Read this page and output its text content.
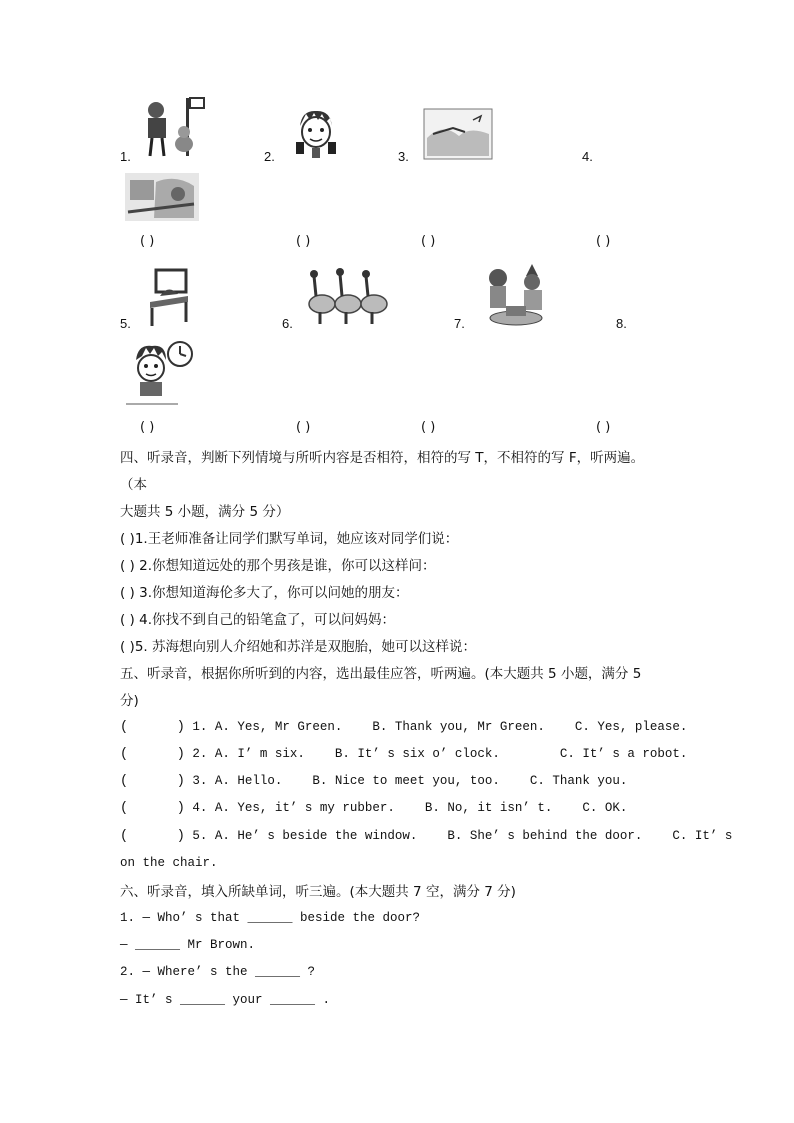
1.	2.	3.	4.
( )	( )	( )	( )
5.	6.	7.	8.
( )	( )	( )	( )
四、听录音，判断下列情境与所听内容是否相符，相符的写 T，不相符的写 F，听两遍。
（本
大题共 5 小题，满分 5 分）
( )1.王老师准备让同学们默写单词，她应该对同学们说：
( ) 2.你想知道远处的那个男孩是谁，你可以这样问：
( ) 3.你想知道海伦多大了，你可以问她的朋友：
( ) 4.你找不到自己的铅笔盒了，可以问妈妈：
( )5. 苏海想向别人介绍她和苏洋是双胞胎，她可以这样说：
五、听录音，根据你所听到的内容，选出最佳应答，听两遍。(本大题共 5 小题，满分 5
分)
(      ) 1. A. Yes, Mr Green.    B. Thank you, Mr Green.    C. Yes, please.
(      ) 2. A. I’ m six.    B. It’ s six o’ clock.        C. It’ s a robot.
(      ) 3. A. Hello.    B. Nice to meet you, too.    C. Thank you.
(      ) 4. A. Yes, it’ s my rubber.    B. No, it isn’ t.    C. OK.
(      ) 5. A. He’ s beside the window.    B. She’ s behind the door.    C. It’ s
on the chair.
六、听录音，填入所缺单词，听三遍。(本大题共 7 空，满分 7 分)
1. — Who’ s that ______ beside the door?
— ______ Mr Brown.
2. — Where’ s the ______ ?
— It’ s ______ your ______ .
